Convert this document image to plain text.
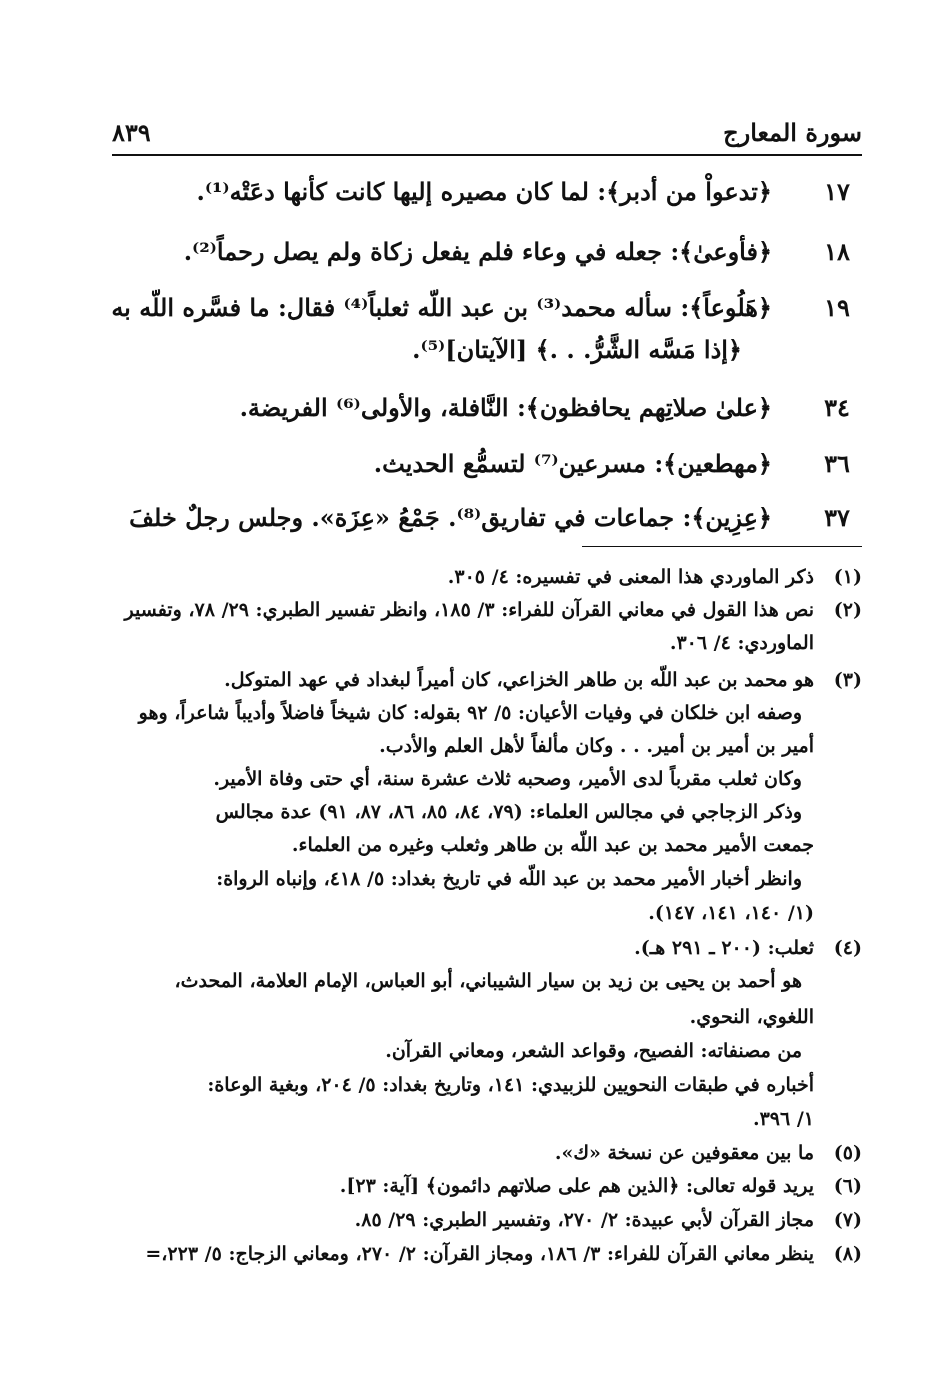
سورة المعارج
٨٣٩
١٧
﴿تدعواْ من أدبر﴾: لما كان مصيره إليها كانت كأنها دعَتْه⁽¹⁾.
١٨
﴿فأوعىٰ﴾: جعله في وعاء فلم يفعل زكاة ولم يصل رحماً⁽²⁾.
١٩
﴿هَلُوعاً﴾: سأله محمد⁽³⁾ بن عبد اللّه ثعلباً⁽⁴⁾ فقال: ما فسَّره اللّه به
﴿إذا مَسَّه الشَّرُّ. . .﴾ [الآيتان]⁽⁵⁾.
٣٤
﴿علىٰ صلاتِهم يحافظون﴾: النَّافلة، والأولى⁽⁶⁾ الفريضة.
٣٦
﴿مهطعين﴾: مسرعين⁽⁷⁾ لتسمُّع الحديث.
٣٧
﴿عِزِين﴾: جماعات في تفاريق⁽⁸⁾. جَمْعُ «عِزَة». وجلس رجلٌ خلفَ
(١)
ذكر الماوردي هذا المعنى في تفسيره: ٤/ ٣٠٥.
(٢)
نص هذا القول في معاني القرآن للفراء: ٣/ ١٨٥، وانظر تفسير الطبري: ٢٩/ ٧٨، وتفسير
الماوردي: ٤/ ٣٠٦.
(٣)
هو محمد بن عبد اللّه بن طاهر الخزاعي، كان أميراً لبغداد في عهد المتوكل.
وصفه ابن خلكان في وفيات الأعيان: ٥/ ٩٢ بقوله: كان شيخاً فاضلاً وأديباً شاعراً، وهو
أمير بن أمير بن أمير. . . وكان مألفاً لأهل العلم والأدب.
وكان ثعلب مقرباً لدى الأمير، وصحبه ثلاث عشرة سنة، أي حتى وفاة الأمير.
وذكر الزجاجي في مجالس العلماء: (٧٩، ٨٤، ٨٥، ٨٦، ٨٧، ٩١) عدة مجالس
جمعت الأمير محمد بن عبد اللّه بن طاهر وثعلب وغيره من العلماء.
وانظر أخبار الأمير محمد بن عبد اللّه في تاريخ بغداد: ٥/ ٤١٨، وإنباه الرواة:
(١/ ١٤٠، ١٤١، ١٤٧).
(٤)
ثعلب: (٢٠٠ ـ ٢٩١ هـ).
هو أحمد بن يحيى بن زيد بن سيار الشيباني، أبو العباس، الإمام العلامة، المحدث،
اللغوي، النحوي.
من مصنفاته: الفصيح، وقواعد الشعر، ومعاني القرآن.
أخباره في طبقات النحويين للزبيدي: ١٤١، وتاريخ بغداد: ٥/ ٢٠٤، وبغية الوعاة:
١/ ٣٩٦.
(٥)
ما بين معقوفين عن نسخة «ك».
(٦)
يريد قوله تعالى: ﴿الذين هم على صلاتهم دائمون﴾ [آية: ٢٣].
(٧)
مجاز القرآن لأبي عبيدة: ٢/ ٢٧٠، وتفسير الطبري: ٢٩/ ٨٥.
(٨)
ينظر معاني القرآن للفراء: ٣/ ١٨٦، ومجاز القرآن: ٢/ ٢٧٠، ومعاني الزجاج: ٥/ ٢٢٣،=
